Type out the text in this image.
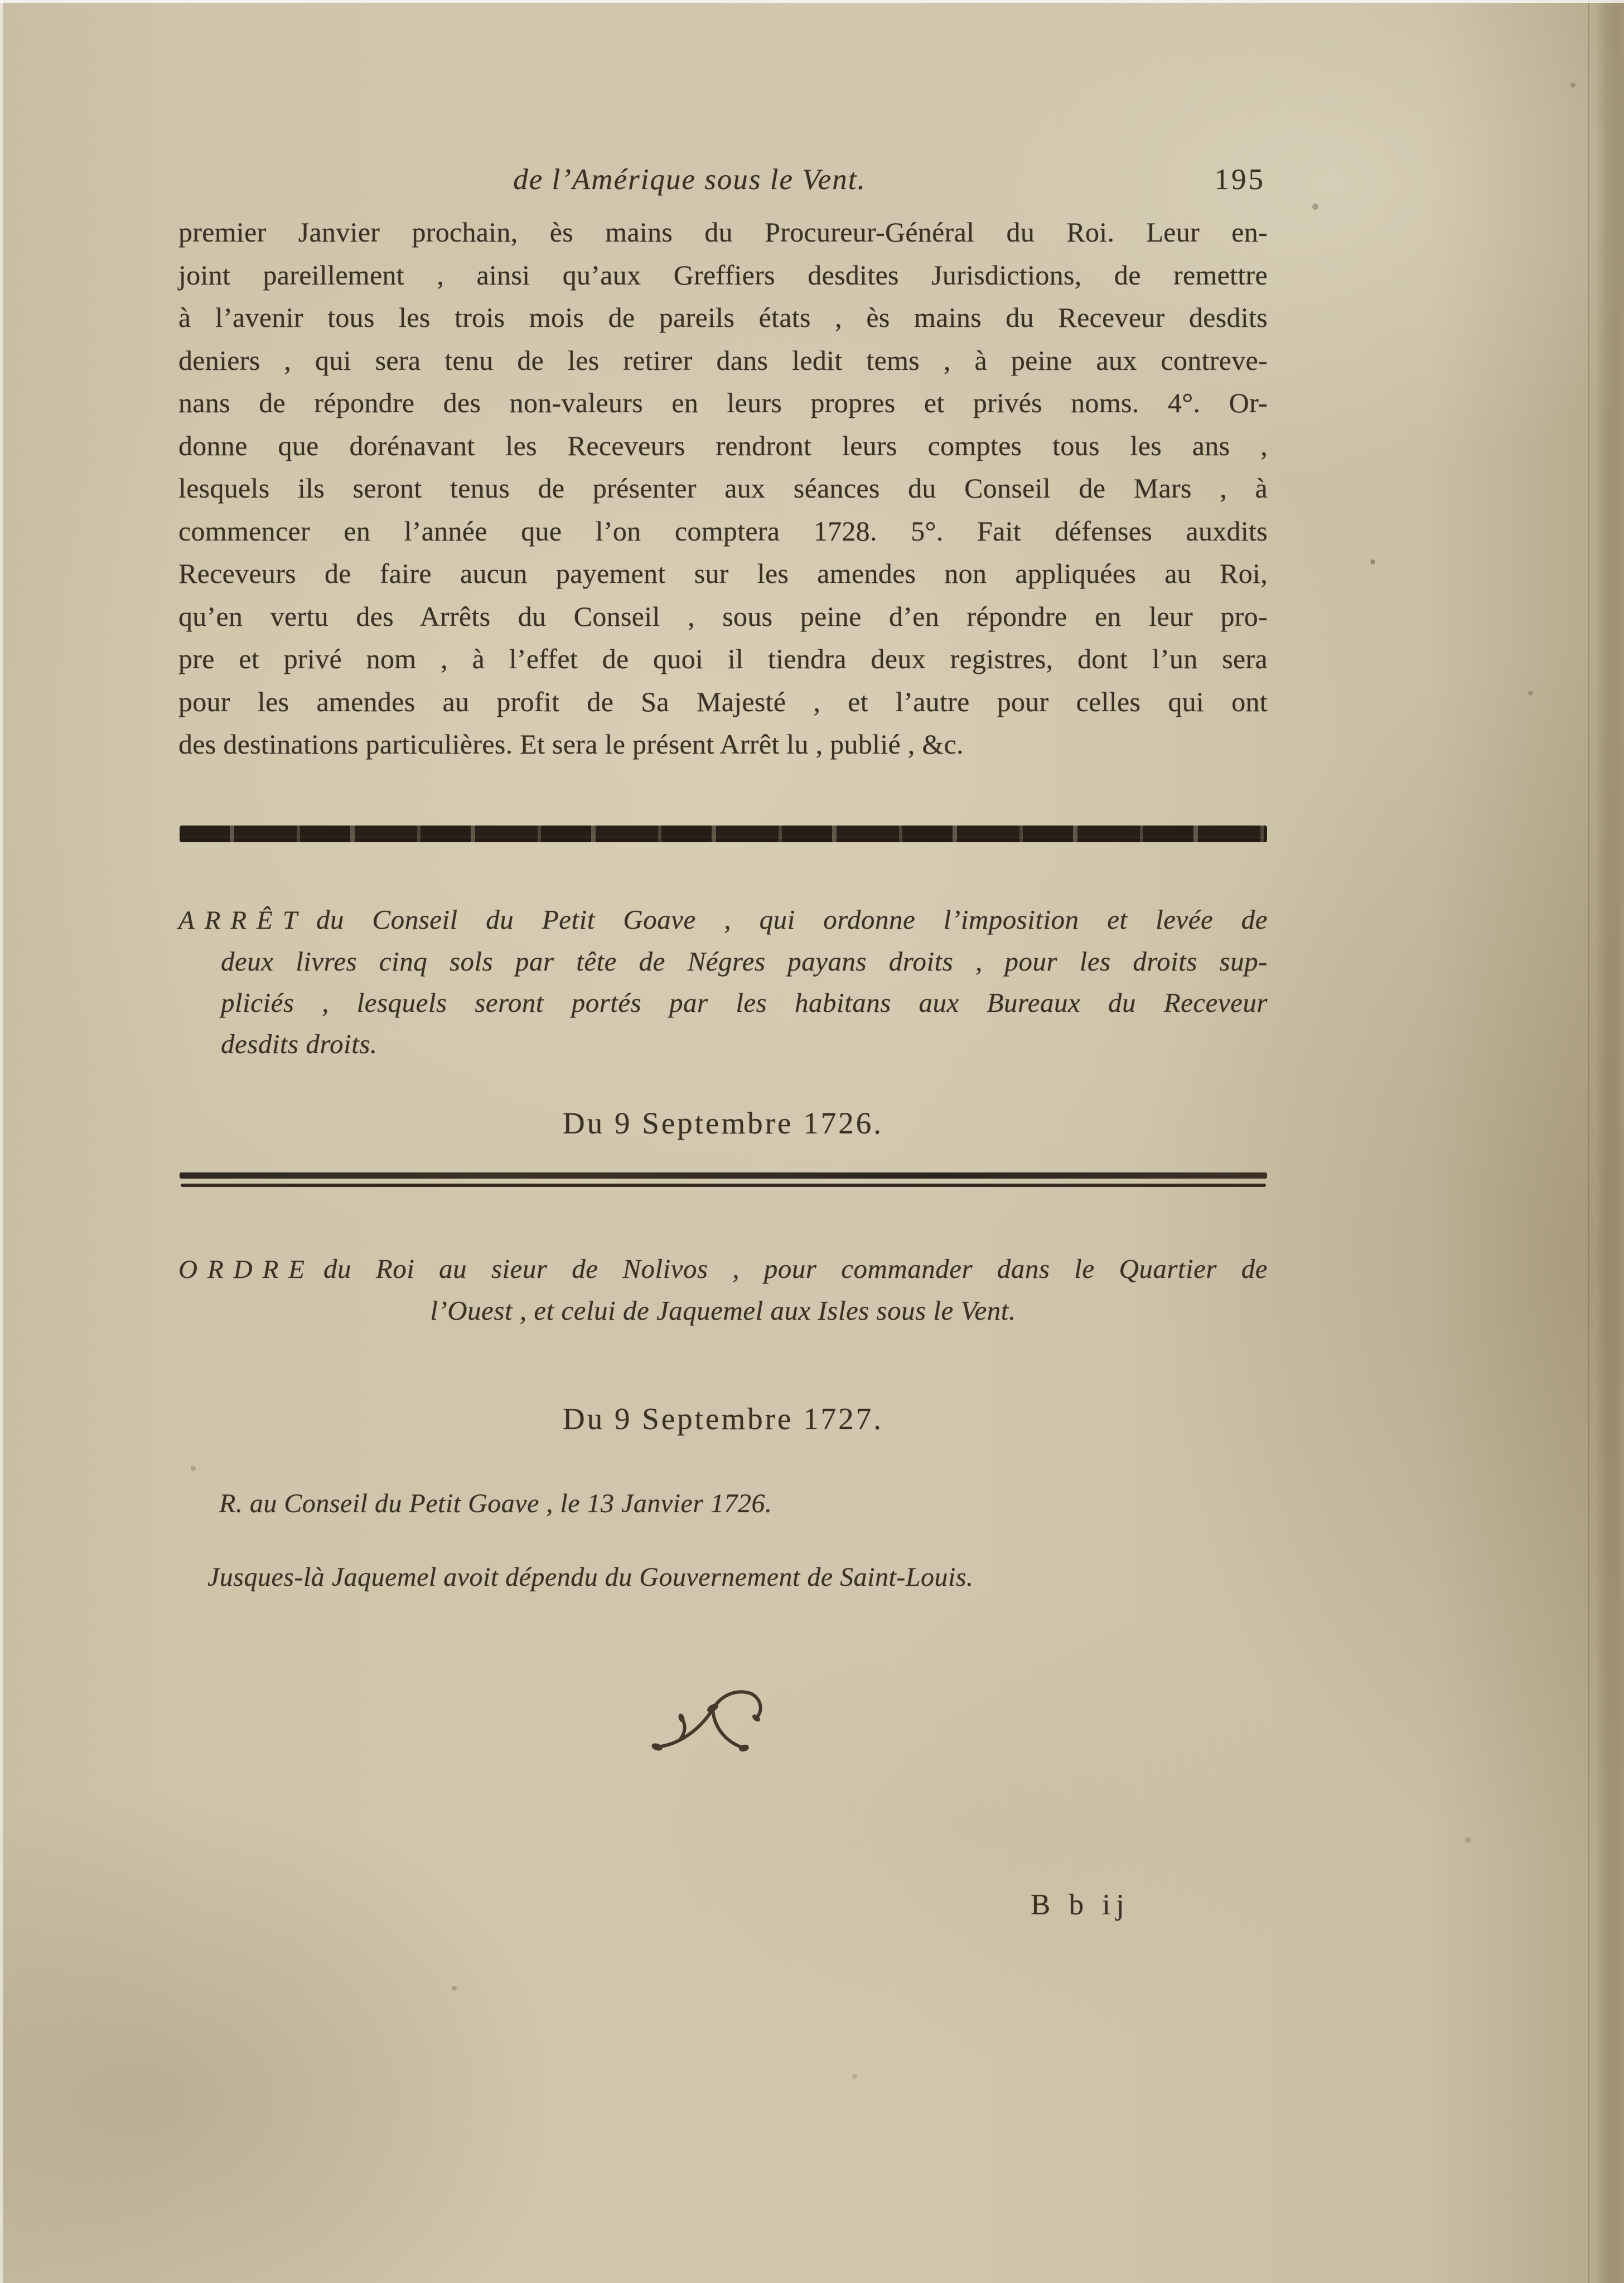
de l’Amérique sous le Vent.	195
premier Janvier prochain, ès mains du Procureur-Général du Roi. Leur en-
joint pareillement , ainsi qu’aux Greffiers desdites Jurisdictions, de remettre
à l’avenir tous les trois mois de pareils états , ès mains du Receveur desdits
deniers , qui sera tenu de les retirer dans ledit tems , à peine aux contreve-
nans de répondre des non-valeurs en leurs propres et privés noms. 4°. Or-
donne que dorénavant les Receveurs rendront leurs comptes tous les ans ,
lesquels ils seront tenus de présenter aux séances du Conseil de Mars , à
commencer en l’année que l’on comptera 1728. 5°. Fait défenses auxdits
Receveurs de faire aucun payement sur les amendes non appliquées au Roi,
qu’en vertu des Arrêts du Conseil , sous peine d’en répondre en leur pro-
pre et privé nom , à l’effet de quoi il tiendra deux registres, dont l’un sera
pour les amendes au profit de Sa Majesté , et l’autre pour celles qui ont
des destinations particulières. Et sera le présent Arrêt lu , publié , &c.
ARRÊT du Conseil du Petit Goave , qui ordonne l’imposition et levée de
deux livres cinq sols par tête de Négres payans droits , pour les droits sup-
pliciés , lesquels seront portés par les habitans aux Bureaux du Receveur
desdits droits.
Du 9 Septembre 1726.
ORDRE du Roi au sieur de Nolivos , pour commander dans le Quartier de
l’Ouest , et celui de Jaquemel aux Isles sous le Vent.
Du 9 Septembre 1727.
R. au Conseil du Petit Goave , le 13 Janvier 1726.
Jusques-là Jaquemel avoit dépendu du Gouvernement de Saint-Louis.
B b ij
